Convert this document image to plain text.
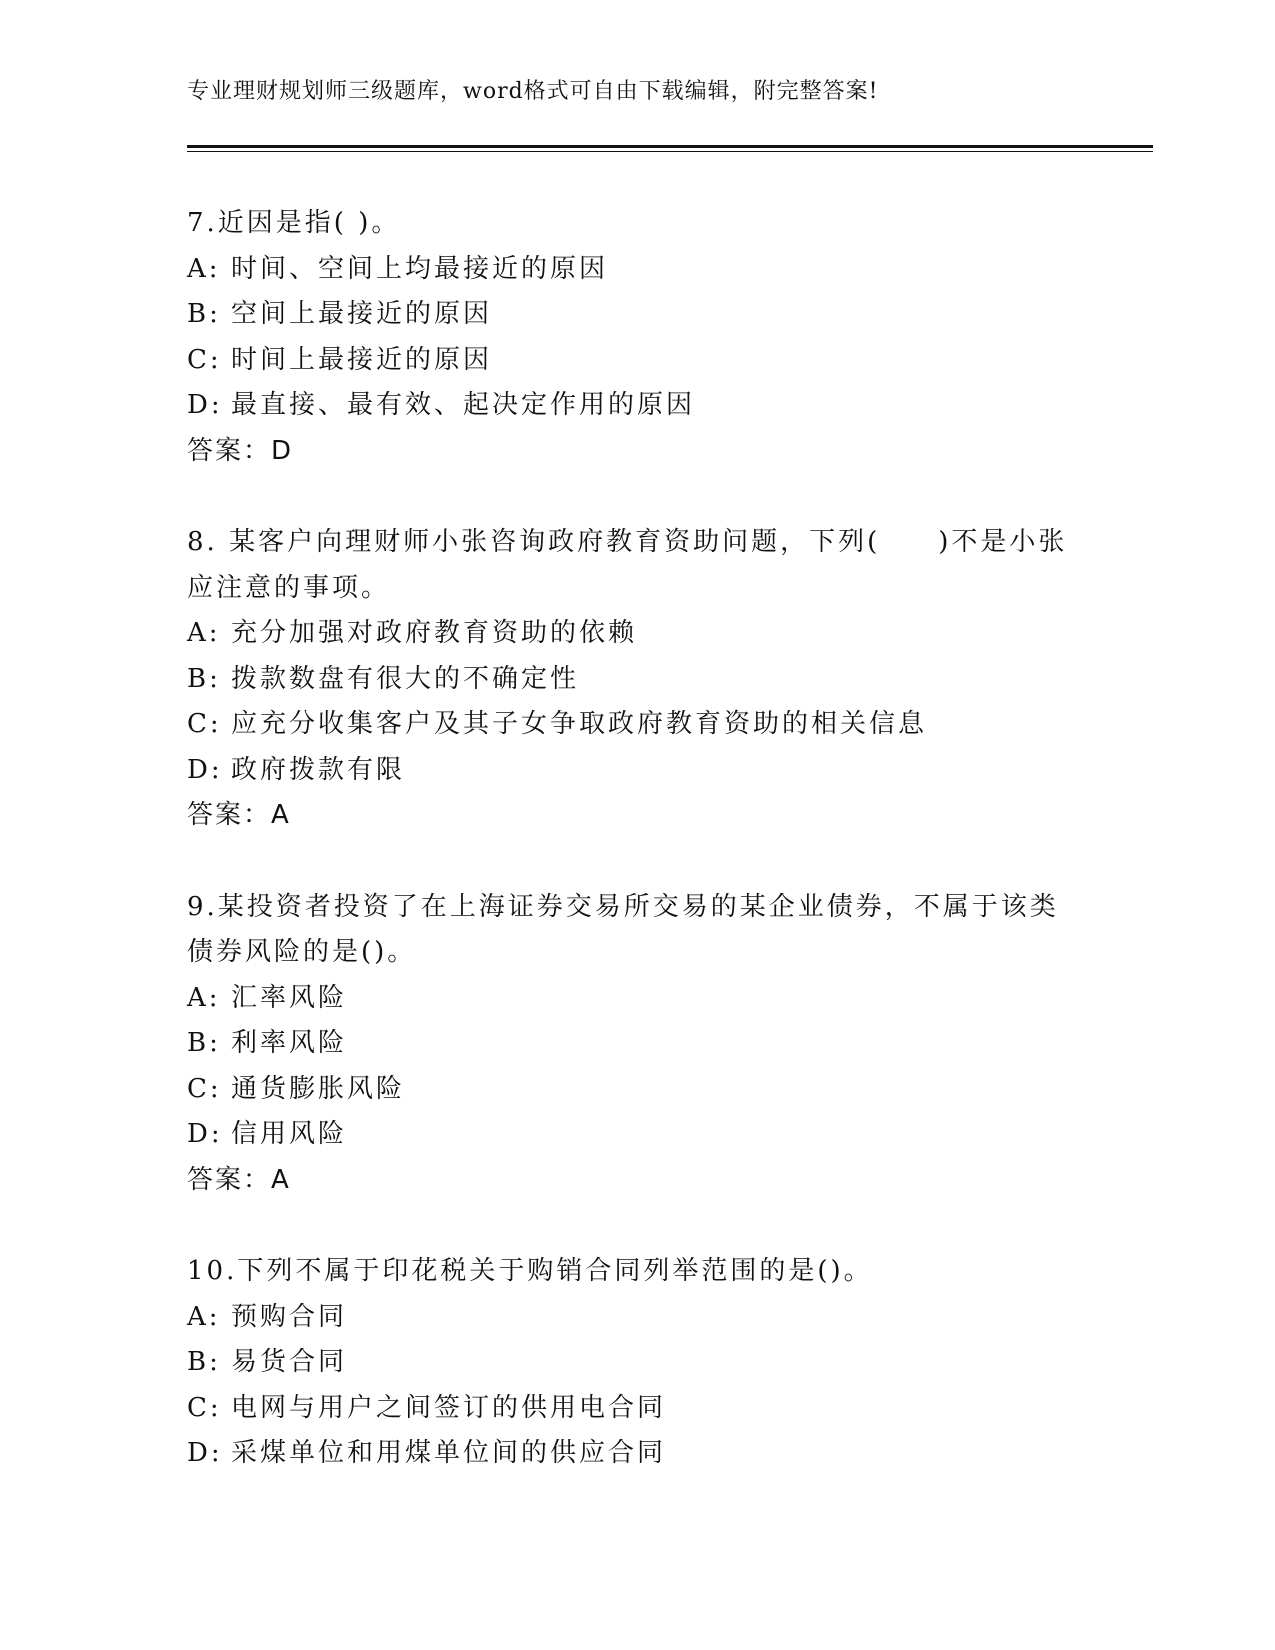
专业理财规划师三级题库，word格式可自由下载编辑，附完整答案!
7.近因是指( )。
A: 时间、空间上均最接近的原因
B: 空间上最接近的原因
C: 时间上最接近的原因
D: 最直接、最有效、起决定作用的原因
答案：D
8. 某客户向理财师小张咨询政府教育资助问题，下列(　　)不是小张
应注意的事项。
A: 充分加强对政府教育资助的依赖
B: 拨款数盘有很大的不确定性
C: 应充分收集客户及其子女争取政府教育资助的相关信息
D: 政府拨款有限
答案：A
9.某投资者投资了在上海证券交易所交易的某企业债券，不属于该类
债券风险的是()。
A: 汇率风险
B: 利率风险
C: 通货膨胀风险
D: 信用风险
答案：A
10.下列不属于印花税关于购销合同列举范围的是()。
A: 预购合同
B: 易货合同
C: 电网与用户之间签订的供用电合同
D: 采煤单位和用煤单位间的供应合同
